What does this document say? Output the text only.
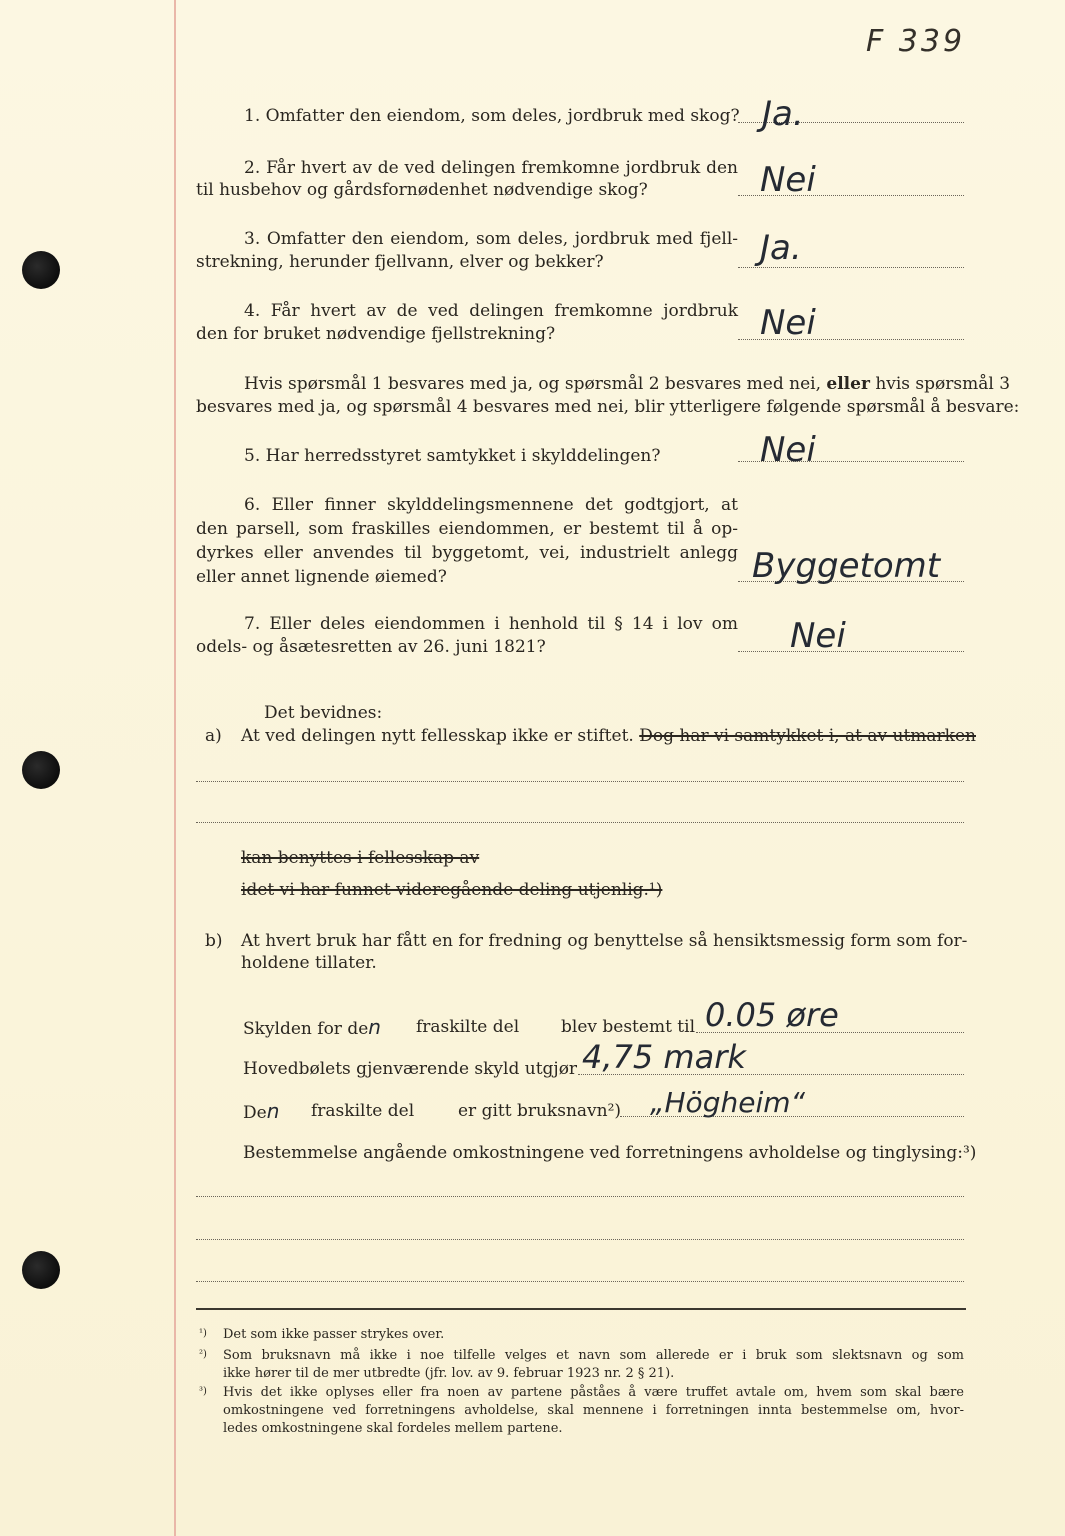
F 339
1. Omfatter den eiendom, som deles, jordbruk med skog? Ja.
2. Får hvert av de ved delingen fremkomne jordbruk den
til husbehov og gårdsfornødenhet nødvendige skog?	Nei
3. Omfatter den eiendom, som deles, jordbruk med fjell-
strekning, herunder fjellvann, elver og bekker?	Ja.
4. Får hvert av de ved delingen fremkomne jordbruk
den for bruket nødvendige fjellstrekning?	Nei
Hvis spørsmål 1 besvares med ja, og spørsmål 2 besvares med nei, eller hvis spørsmål 3
besvares med ja, og spørsmål 4 besvares med nei, blir ytterligere følgende spørsmål å besvare:
5. Har herredsstyret samtykket i skylddelingen?	Nei
6. Eller finner skylddelingsmennene det godtgjort, at
den parsell, som fraskilles eiendommen, er bestemt til å op-
dyrkes eller anvendes til byggetomt, vei, industrielt anlegg
eller annet lignende øiemed?	Byggetomt
7. Eller deles eiendommen i henhold til § 14 i lov om
odels- og åsætesretten av 26. juni 1821?	Nei
Det bevidnes:
a) At ved delingen nytt fellesskap ikke er stiftet. Dog har vi samtykket i, at av utmarken
kan benyttes i fellesskap av
idet vi har funnet videregående deling utjenlig.¹)
b) At hvert bruk har fått en for fredning og benyttelse så hensiktsmessig form som for-
holdene tillater.
Skylden for den fraskilte del blev bestemt til 0.05 øre
Hovedbølets gjenværende skyld utgjør 4,75 mark
Den fraskilte del	er gitt bruksnavn²) „Högheim“
Bestemmelse angående omkostningene ved forretningens avholdelse og tinglysing:³)
¹) Det som ikke passer strykes over.
²) Som bruksnavn må ikke i noe tilfelle velges et navn som allerede er i bruk som slektsnavn og som
ikke hører til de mer utbredte (jfr. lov. av 9. februar 1923 nr. 2 § 21).
³) Hvis det ikke oplyses eller fra noen av partene påståes å være truffet avtale om, hvem som skal bære
omkostningene ved forretningens avholdelse, skal mennene i forretningen innta bestemmelse om, hvor-
ledes omkostningene skal fordeles mellem partene.
